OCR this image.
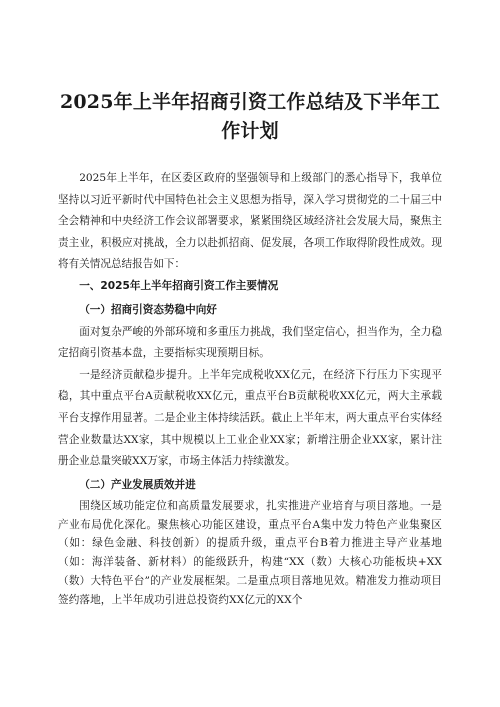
2025年上半年招商引资工作总结及下半年工
作计划

2025年上半年，在区委区政府的坚强领导和上级部门的悉心指导下，我单位坚持以习近平新时代中国特色社会主义思想为指导，深入学习贯彻党的二十届三中全会精神和中央经济工作会议部署要求，紧紧围绕区域经济社会发展大局，聚焦主责主业，积极应对挑战，全力以赴抓招商、促发展，各项工作取得阶段性成效。现将有关情况总结报告如下：

一、2025年上半年招商引资工作主要情况

（一）招商引资态势稳中向好

面对复杂严峻的外部环境和多重压力挑战，我们坚定信心，担当作为，全力稳定招商引资基本盘，主要指标实现预期目标。

一是经济贡献稳步提升。上半年完成税收XX亿元，在经济下行压力下实现平稳，其中重点平台A贡献税收XX亿元，重点平台B贡献税收XX亿元，两大主承载平台支撑作用显著。二是企业主体持续活跃。截止上半年末，两大重点平台实体经营企业数量达XX家，其中规模以上工业企业XX家；新增注册企业XX家，累计注册企业总量突破XX万家，市场主体活力持续激发。

（二）产业发展质效并进

围绕区域功能定位和高质量发展要求，扎实推进产业培育与项目落地。一是产业布局优化深化。聚焦核心功能区建设，重点平台A集中发力特色产业集聚区（如：绿色金融、科技创新）的提质升级，重点平台B着力推进主导产业基地（如：海洋装备、新材料）的能级跃升，构建“XX（数）大核心功能板块+XX（数）大特色平台”的产业发展框架。二是重点项目落地见效。精准发力推动项目签约落地，上半年成功引进总投资约XX亿元的XX个
